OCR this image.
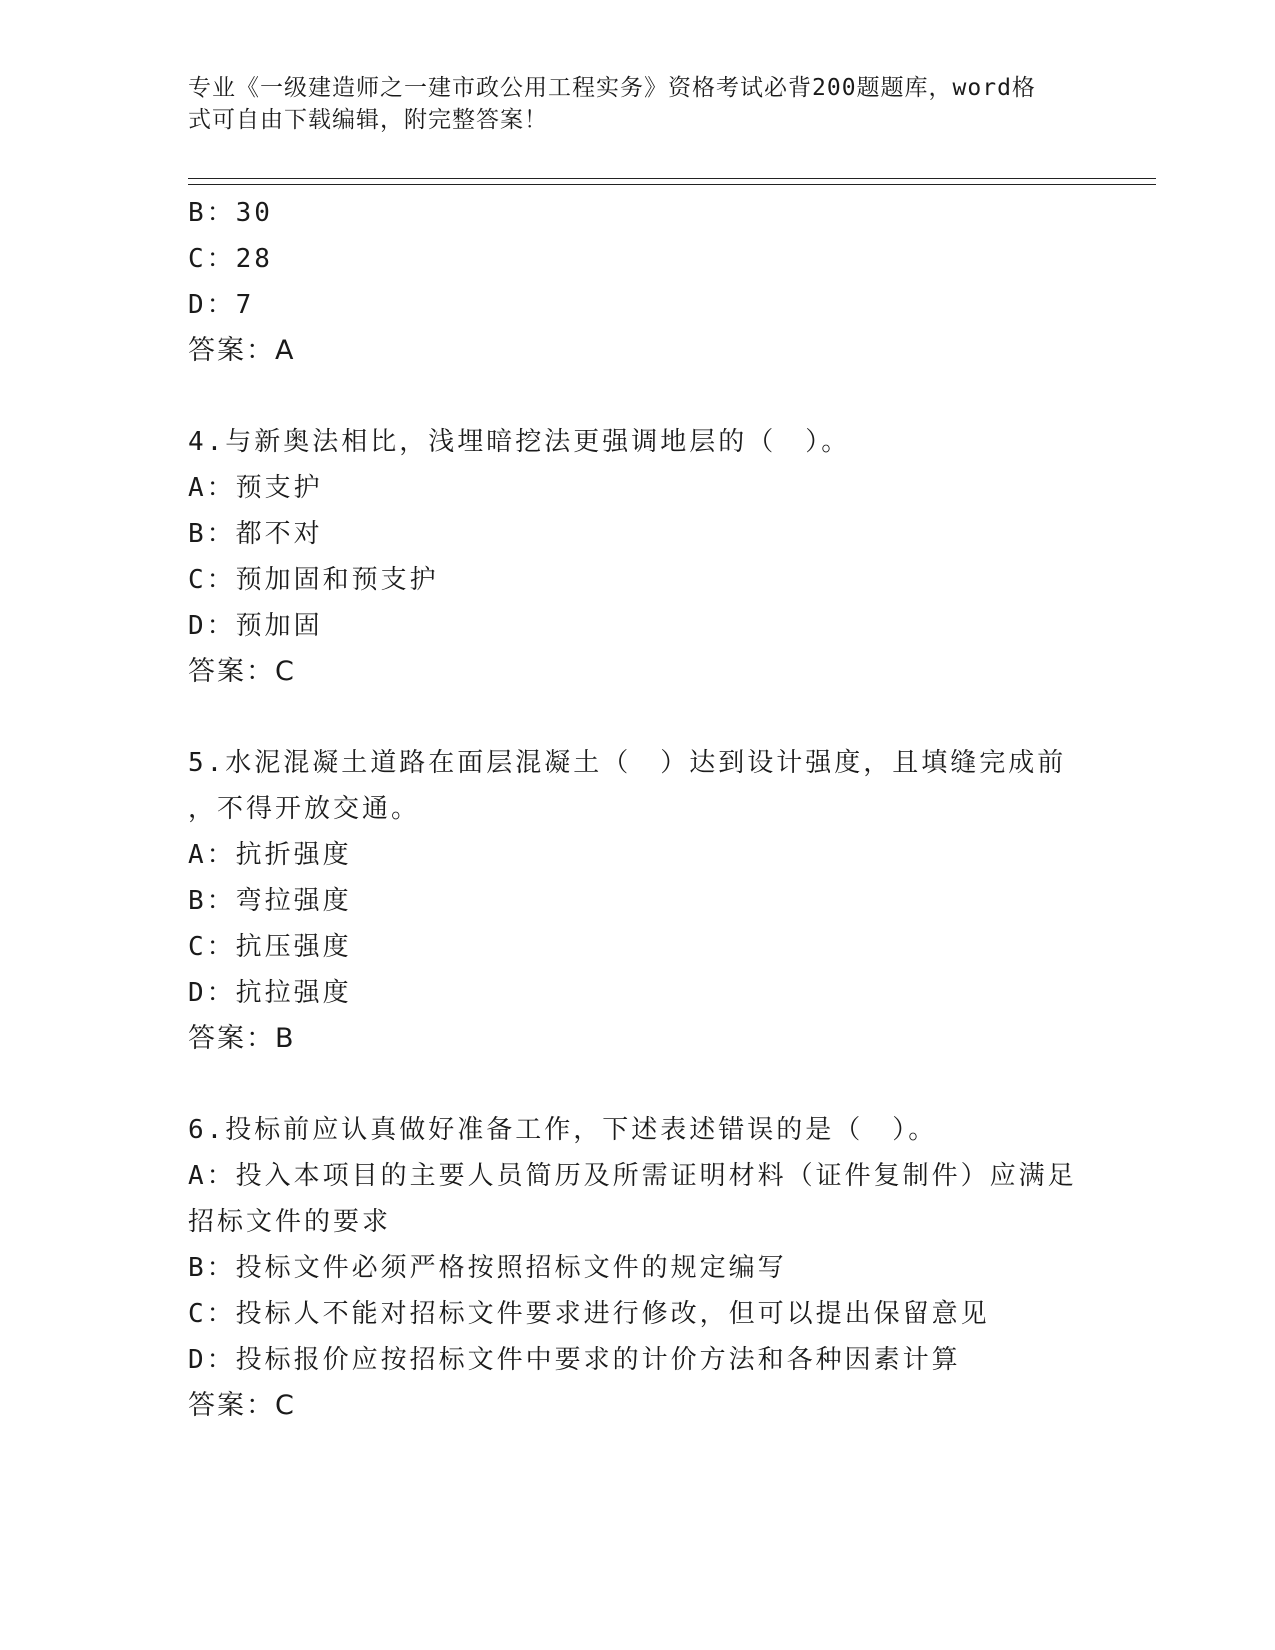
专业《一级建造师之一建市政公用工程实务》资格考试必背200题题库，word格
式可自由下载编辑，附完整答案！
B：30
C：28
D：7
答案：A
4.与新奥法相比，浅埋暗挖法更强调地层的（　）。
A：预支护
B：都不对
C：预加固和预支护
D：预加固
答案：C
5.水泥混凝土道路在面层混凝土（　）达到设计强度，且填缝完成前
，不得开放交通。
A：抗折强度
B：弯拉强度
C：抗压强度
D：抗拉强度
答案：B
6.投标前应认真做好准备工作，下述表述错误的是（　）。
A：投入本项目的主要人员简历及所需证明材料（证件复制件）应满足
招标文件的要求
B：投标文件必须严格按照招标文件的规定编写
C：投标人不能对招标文件要求进行修改，但可以提出保留意见
D：投标报价应按招标文件中要求的计价方法和各种因素计算
答案：C
